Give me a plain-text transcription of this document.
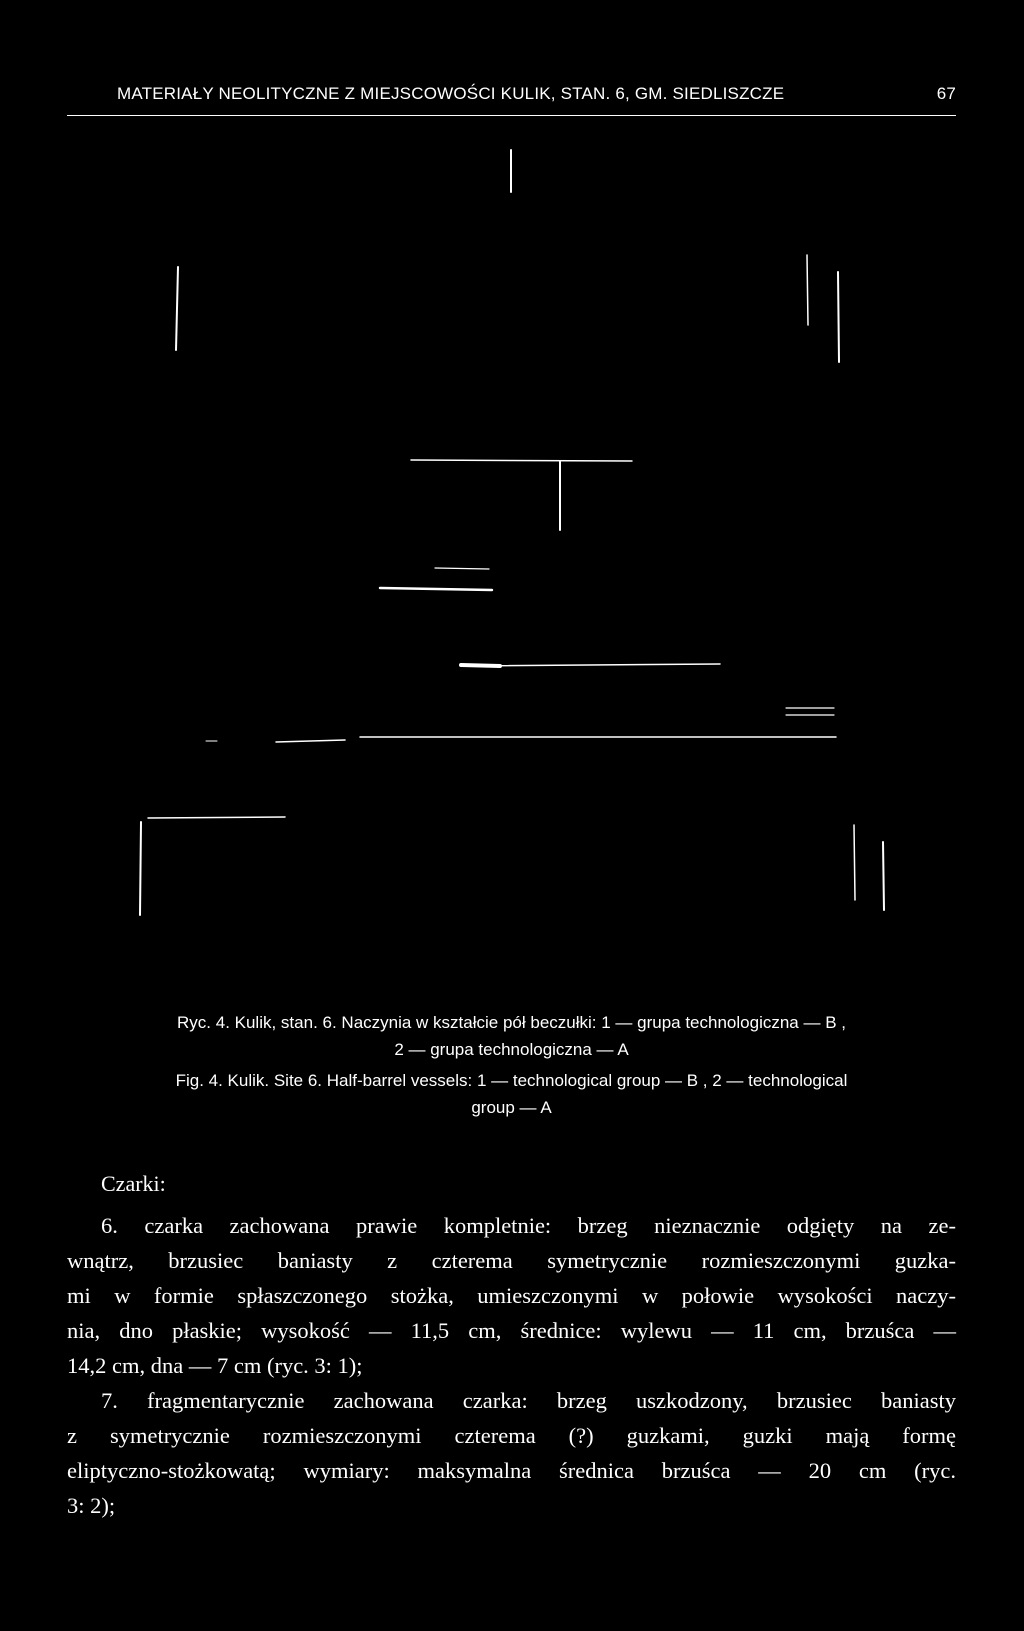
MATERIAŁY NEOLITYCZNE Z MIEJSCOWOŚCI KULIK, STAN. 6, GM. SIEDLISZCZE	67
Ryc. 4. Kulik, stan. 6. Naczynia w kształcie pół beczułki: 1 — grupa technologiczna — B ,
2 — grupa technologiczna — A
Fig. 4. Kulik. Site 6. Half-barrel vessels: 1 — technological group — B , 2 — technological
group — A
Czarki:
6. czarka zachowana prawie kompletnie: brzeg nieznacznie odgięty na ze-
wnątrz, brzusiec baniasty z czterema symetrycznie rozmieszczonymi guzka-
mi w formie spłaszczonego stożka, umieszczonymi w połowie wysokości naczy-
nia, dno płaskie; wysokość — 11,5 cm, średnice: wylewu — 11 cm, brzuśca —
14,2 cm, dna — 7 cm (ryc. 3: 1);
7. fragmentarycznie zachowana czarka: brzeg uszkodzony, brzusiec baniasty
z symetrycznie rozmieszczonymi czterema (?) guzkami, guzki mają formę
eliptyczno-stożkowatą; wymiary: maksymalna średnica brzuśca — 20 cm (ryc.
3: 2);
